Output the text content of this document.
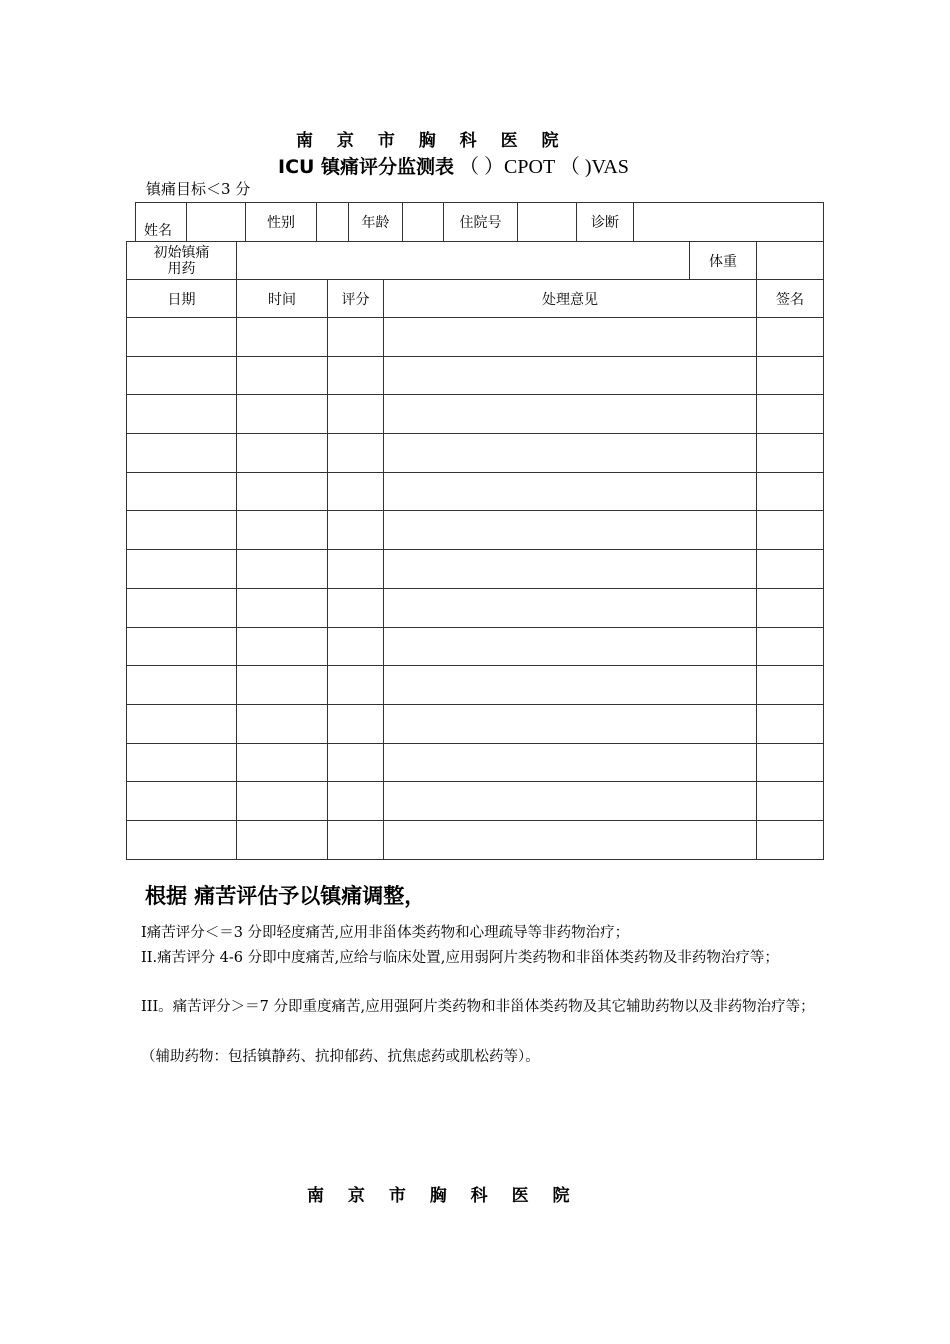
南 京 市 胸 科 医 院
ICU 镇痛评分监测表 （ ）CPOT （ )VAS
镇痛目标＜3 分
姓名		性别		年龄		住院号		诊断	
初始镇痛
用药				体重	
日期	时间	评分	处理意见		签名

根据 痛苦评估予以镇痛调整，
Ⅰ痛苦评分＜＝3 分即轻度痛苦,应用非甾体类药物和心理疏导等非药物治疗；
II.痛苦评分 4-6 分即中度痛苦,应给与临床处置,应用弱阿片类药物和非甾体类药物及非药物治疗等；
III。痛苦评分＞＝7 分即重度痛苦,应用强阿片类药物和非甾体类药物及其它辅助药物以及非药物治疗等；
（辅助药物：包括镇静药、抗抑郁药、抗焦虑药或肌松药等）。
南 京 市 胸 科 医 院
